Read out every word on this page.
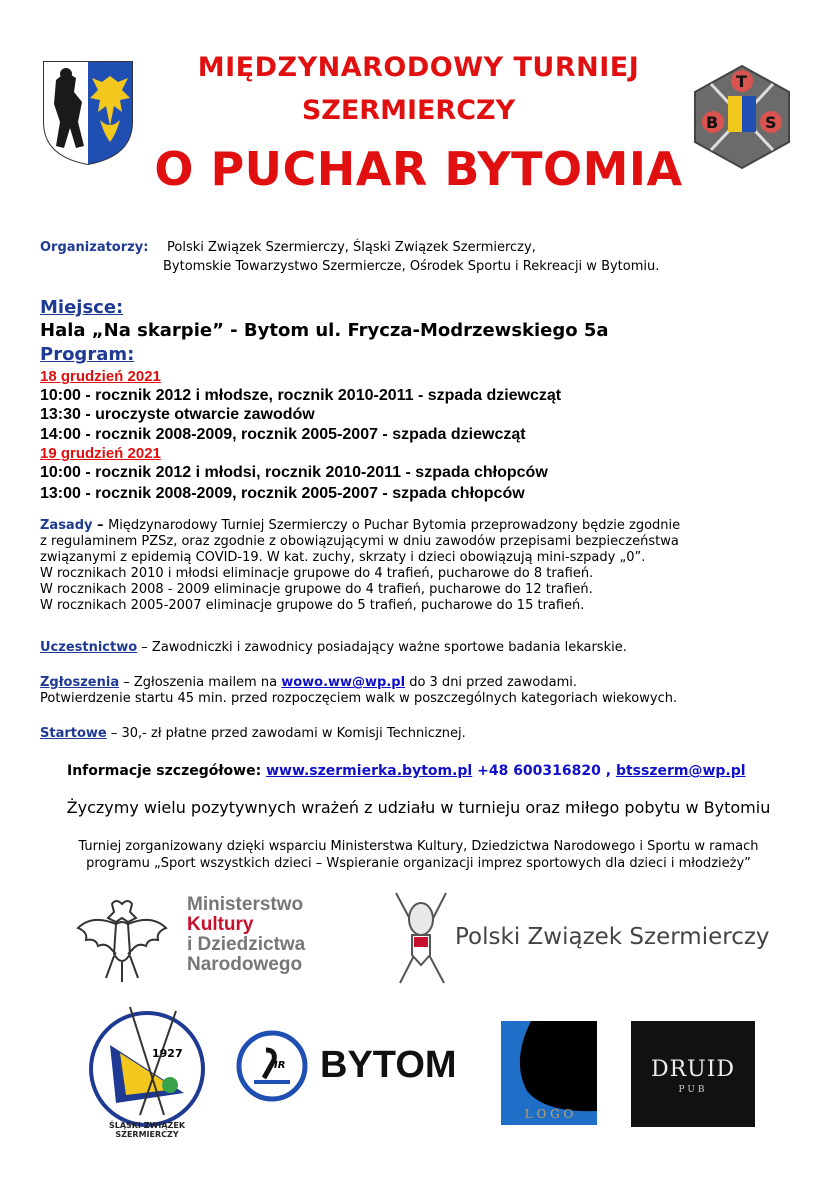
MIĘDZYNARODOWY TURNIEJ
SZERMIERCZY
O PUCHAR BYTOMIA
T
B	S
Organizatorzy: Polski Związek Szermierczy, Śląski Związek Szermierczy,
Bytomskie Towarzystwo Szermiercze, Ośrodek Sportu i Rekreacji w Bytomiu.
Miejsce:
Hala „Na skarpie” - Bytom ul. Frycza-Modrzewskiego 5a
Program:
18 grudzień 2021
10:00 - rocznik 2012 i młodsze, rocznik 2010-2011 - szpada dziewcząt
13:30 - uroczyste otwarcie zawodów
14:00 - rocznik 2008-2009, rocznik 2005-2007 - szpada dziewcząt
19 grudzień 2021
10:00 - rocznik 2012 i młodsi, rocznik 2010-2011 - szpada chłopców
13:00 - rocznik 2008-2009, rocznik 2005-2007 - szpada chłopców
Zasady – Międzynarodowy Turniej Szermierczy o Puchar Bytomia przeprowadzony będzie zgodnie
z regulaminem PZSz, oraz zgodnie z obowiązującymi w dniu zawodów przepisami bezpieczeństwa
związanymi z epidemią COVID-19. W kat. zuchy, skrzaty i dzieci obowiązują mini-szpady „0”.
W rocznikach 2010 i młodsi eliminacje grupowe do 4 trafień, pucharowe do 8 trafień.
W rocznikach 2008 - 2009 eliminacje grupowe do 4 trafień, pucharowe do 12 trafień.
W rocznikach 2005-2007 eliminacje grupowe do 5 trafień, pucharowe do 15 trafień.
Uczestnictwo – Zawodniczki i zawodnicy posiadający ważne sportowe badania lekarskie.
Zgłoszenia – Zgłoszenia mailem na wowo.ww@wp.pl do 3 dni przed zawodami.
Potwierdzenie startu 45 min. przed rozpoczęciem walk w poszczególnych kategoriach wiekowych.
Startowe – 30,- zł płatne przed zawodami w Komisji Technicznej.
Informacje szczegółowe: www.szermierka.bytom.pl +48 600316820 , btsszerm@wp.pl
Życzymy wielu pozytywnych wrażeń z udziału w turnieju oraz miłego pobytu w Bytomiu
Turniej zorganizowany dzięki wsparciu Ministerstwa Kultury, Dziedzictwa Narodowego i Sportu w ramach
programu „Sport wszystkich dzieci – Wspieranie organizacji imprez sportowych dla dzieci i młodzieży”
Ministerstwo
Kultury
i Dziedzictwa
Narodowego
Polski Związek Szermierczy
1927
ŚLĄSKI ZWIĄZEK SZERMIERCZY
IR BYTOM
L O G O
DRUID
PUB
